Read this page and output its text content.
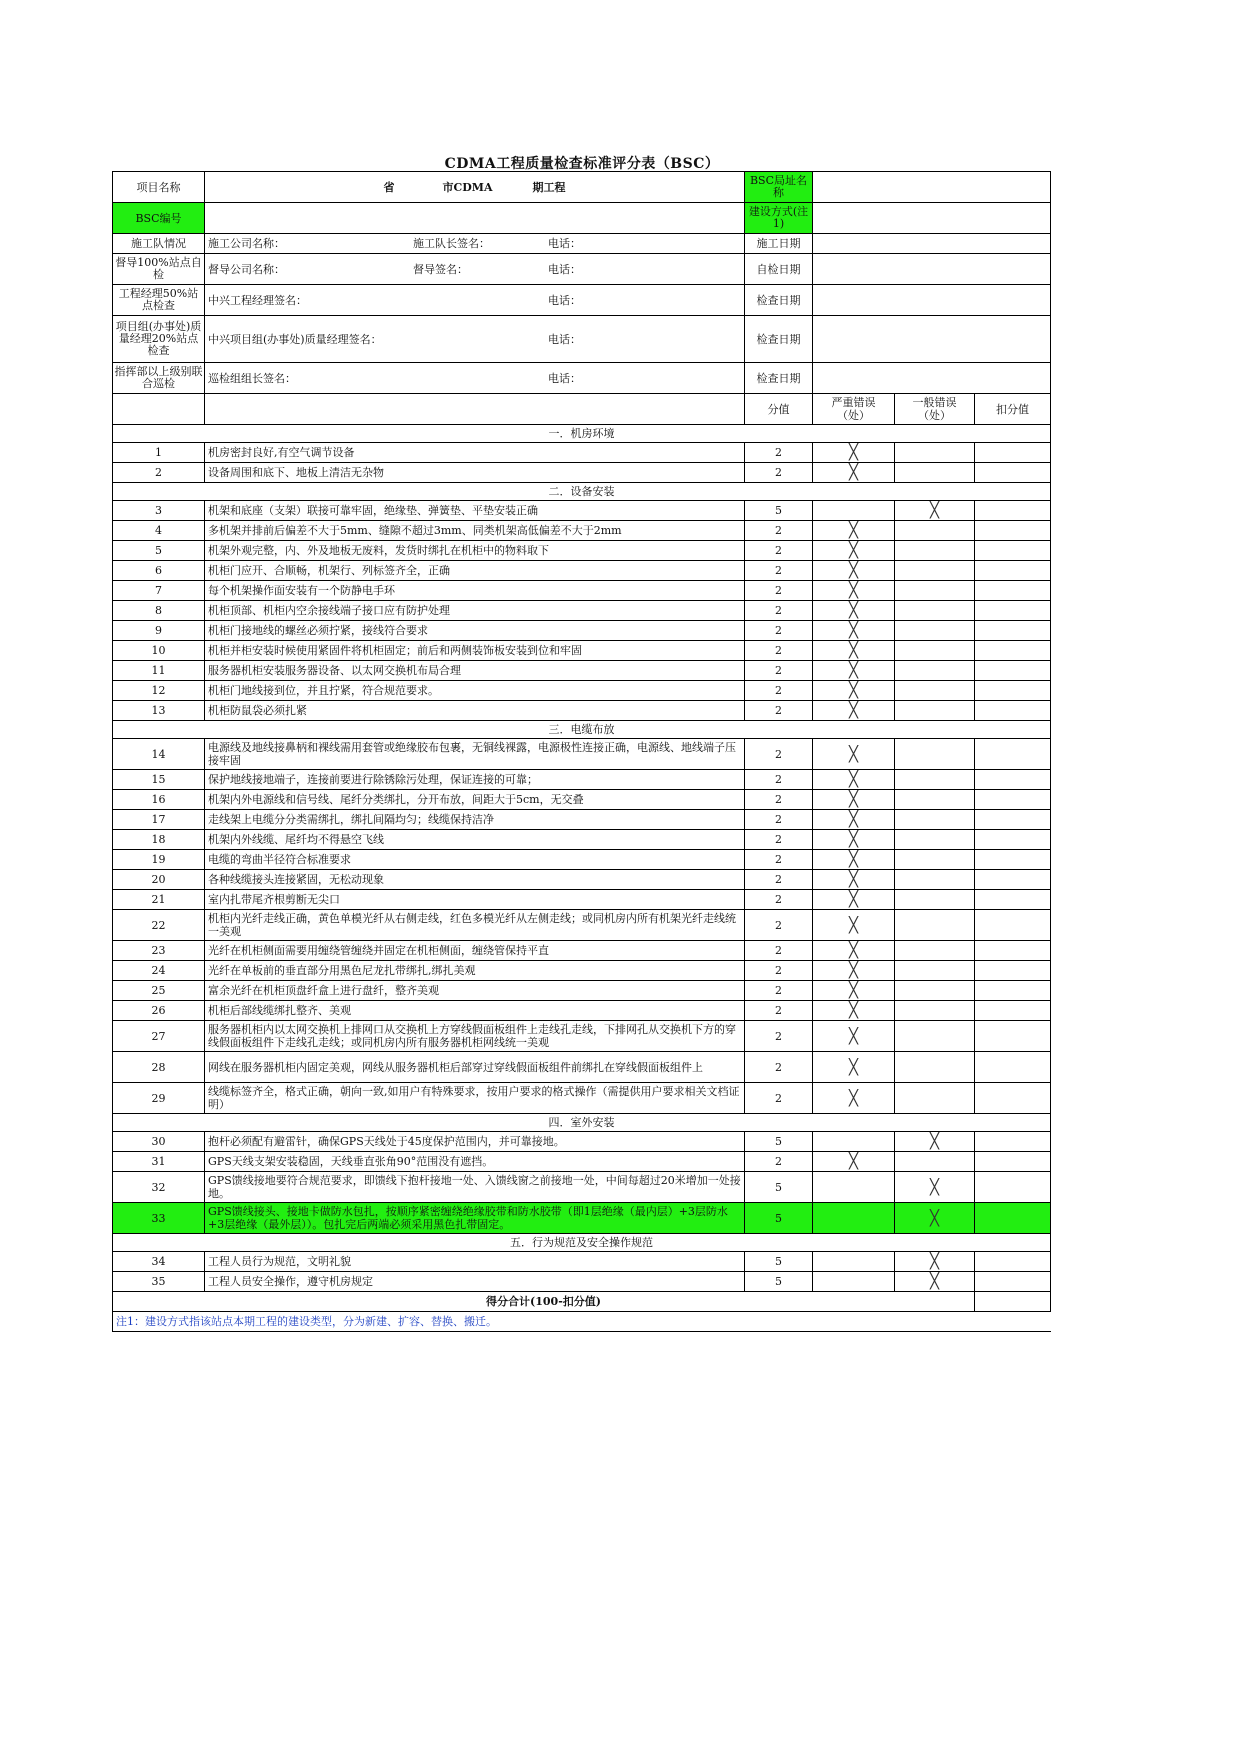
CDMA工程质量检查标准评分表（BSC）
项目名称	省 市CDMA 期工程	BSC局址名称			
BSC编号		建设方式(注1)			
施工队情况	施工公司名称： 施工队长签名： 电话：	施工日期			
督导100%站点自检	督导公司名称： 督导签名： 电话：	自检日期			
工程经理50%站点检查	中兴工程经理签名： 电话：	检查日期			
项目组(办事处)质量经理20%站点检查	中兴项目组(办事处)质量经理签名： 电话：	检查日期			
指挥部以上级别联合巡检	巡检组组长签名： 电话：	检查日期			
		分值	严重错误（处）	一般错误（处）	扣分值
一．机房环境					
1	机房密封良好,有空气调节设备	2	╳		
2	设备周围和底下、地板上清洁无杂物	2	╳		
二．设备安装					
3	机架和底座（支架）联接可靠牢固，绝缘垫、弹簧垫、平垫安装正确	5		╳	
4	多机架并排前后偏差不大于5mm、缝隙不超过3mm、同类机架高低偏差不大于2mm	2	╳		
5	机架外观完整，内、外及地板无废料，发货时绑扎在机柜中的物料取下	2	╳		
6	机柜门应开、合顺畅，机架行、列标签齐全，正确	2	╳		
7	每个机架操作面安装有一个防静电手环	2	╳		
8	机柜顶部、机柜内空余接线端子接口应有防护处理	2	╳		
9	机柜门接地线的螺丝必须拧紧，接线符合要求	2	╳		
10	机柜并柜安装时候使用紧固件将机柜固定；前后和两侧装饰板安装到位和牢固	2	╳		
11	服务器机柜安装服务器设备、以太网交换机布局合理	2	╳		
12	机柜门地线接到位，并且拧紧，符合规范要求。	2	╳		
13	机柜防鼠袋必须扎紧	2	╳		
三．电缆布放					
14	电源线及地线接鼻柄和裸线需用套管或绝缘胶布包裹，无铜线裸露，电源极性连接正确，电源线、地线端子压接牢固	2	╳		
15	保护地线接地端子，连接前要进行除锈除污处理，保证连接的可靠；	2	╳		
16	机架内外电源线和信号线、尾纤分类绑扎，分开布放，间距大于5cm，无交叠	2	╳		
17	走线架上电缆分分类需绑扎，绑扎间隔均匀；线缆保持洁净	2	╳		
18	机架内外线缆、尾纤均不得悬空飞线	2	╳		
19	电缆的弯曲半径符合标准要求	2	╳		
20	各种线缆接头连接紧固，无松动现象	2	╳		
21	室内扎带尾齐根剪断无尖口	2	╳		
22	机柜内光纤走线正确，黄色单模光纤从右侧走线，红色多模光纤从左侧走线；或同机房内所有机架光纤走线统一美观	2	╳		
23	光纤在机柜侧面需要用缠绕管缠绕并固定在机柜侧面，缠绕管保持平直	2	╳		
24	光纤在单板前的垂直部分用黑色尼龙扎带绑扎,绑扎美观	2	╳		
25	富余光纤在机柜顶盘纤盒上进行盘纤，整齐美观	2	╳		
26	机柜后部线缆绑扎整齐、美观	2	╳		
27	服务器机柜内以太网交换机上排网口从交换机上方穿线假面板组件上走线孔走线，下排网孔从交换机下方的穿线假面板组件下走线孔走线；或同机房内所有服务器机柜网线统一美观	2	╳		
28	网线在服务器机柜内固定美观，网线从服务器机柜后部穿过穿线假面板组件前绑扎在穿线假面板组件上	2	╳		
29	线缆标签齐全，格式正确，朝向一致,如用户有特殊要求，按用户要求的格式操作（需提供用户要求相关文档证明）	2	╳		
四．室外安装					
30	抱杆必须配有避雷针，确保GPS天线处于45度保护范围内，并可靠接地。	5		╳	
31	GPS天线支架安装稳固，天线垂直张角90°范围没有遮挡。	2	╳		
32	GPS馈线接地要符合规范要求，即馈线下抱杆接地一处、入馈线窗之前接地一处，中间每超过20米增加一处接地。	5		╳	
33	GPS馈线接头、接地卡做防水包扎，按顺序紧密缠绕绝缘胶带和防水胶带（即1层绝缘（最内层）+3层防水+3层绝缘（最外层））。包扎完后两端必须采用黑色扎带固定。	5		╳	
五．行为规范及安全操作规范					
34	工程人员行为规范，文明礼貌	5		╳	
35	工程人员安全操作，遵守机房规定	5		╳	
得分合计(100-扣分值)					
注1：建设方式指该站点本期工程的建设类型，分为新建、扩容、替换、搬迁。					
